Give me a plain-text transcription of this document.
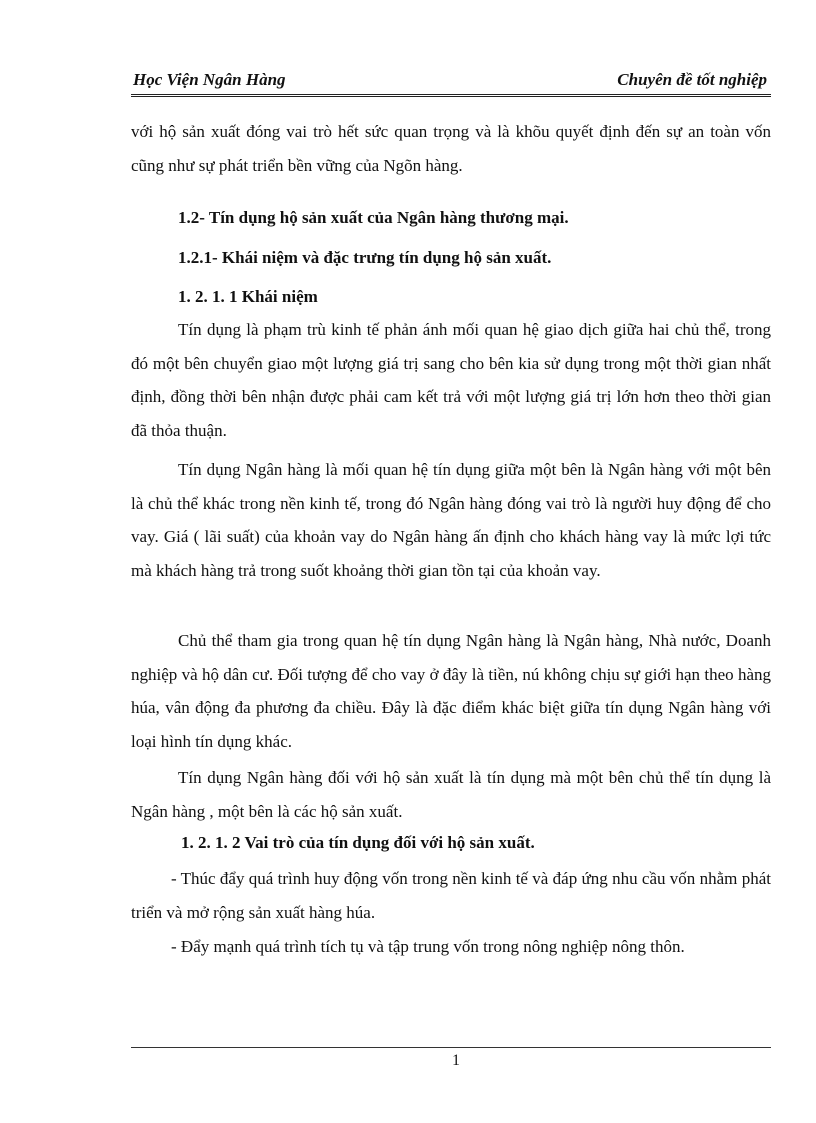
Học Viện Ngân Hàng	Chuyên đề tốt nghiệp

với hộ sản xuất đóng vai trò hết sức quan trọng và là khõu quyết định đến sự an toàn vốn cũng như sự phát triển bền vững của Ngõn hàng.

1.2- Tín dụng hộ sản xuất của Ngân hàng thương mại.

1.2.1- Khái niệm và đặc trưng tín dụng hộ sản xuất.

1. 2. 1. 1 Khái niệm

Tín dụng là phạm trù kinh tế phản ánh mối quan hệ giao dịch giữa hai chủ thể, trong đó một bên chuyển giao một lượng giá trị sang cho bên kia sử dụng trong một thời gian nhất định, đồng thời bên nhận được phải cam kết trả với một lượng giá trị lớn hơn theo thời gian đã thỏa thuận.

Tín dụng Ngân hàng là mối quan hệ tín dụng giữa một bên là Ngân hàng với một bên là chủ thể khác trong nền kinh tế, trong đó Ngân hàng đóng vai trò là người huy động để cho vay. Giá ( lãi suất) của khoản vay do Ngân hàng ấn định cho khách hàng vay là mức lợi tức mà khách hàng trả trong suốt khoảng thời gian tồn tại của khoản vay.

Chủ thể tham gia trong quan hệ tín dụng Ngân hàng là Ngân hàng, Nhà nước, Doanh nghiệp và hộ dân cư. Đối tượng để cho vay ở đây là tiền, nú không chịu sự giới hạn theo hàng húa, vân động đa phương đa chiều. Đây là đặc điểm khác biệt giữa tín dụng Ngân hàng với loại hình tín dụng khác.

Tín dụng Ngân hàng đối với hộ sản xuất là tín dụng mà một bên chủ thể tín dụng là Ngân hàng , một bên là các hộ sản xuất.

1. 2. 1. 2 Vai trò của tín dụng đối với hộ sản xuất.

- Thúc đẩy quá trình huy động vốn trong nền kinh tế và đáp ứng nhu cầu vốn nhằm phát triển và mở rộng sản xuất hàng húa.

- Đẩy mạnh quá trình tích tụ và tập trung vốn trong nông nghiệp nông thôn.

1
